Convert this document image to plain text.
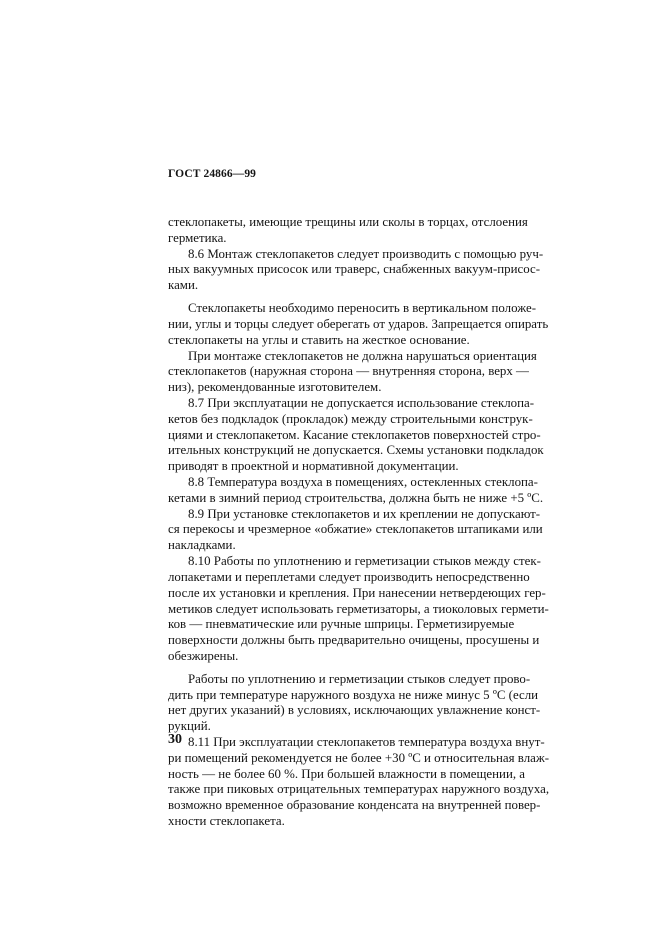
ГОСТ 24866—99
стеклопакеты, имеющие трещины или сколы в торцах, отслоения
герметика.
8.6 Монтаж стеклопакетов следует производить с помощью руч-
ных вакуумных присосок или траверс, снабженных вакуум-присос-
ками.
Стеклопакеты необходимо переносить в вертикальном положе-
нии, углы и торцы следует оберегать от ударов. Запрещается опирать
стеклопакеты на углы и ставить на жесткое основание.
При монтаже стеклопакетов не должна нарушаться ориентация
стеклопакетов (наружная сторона — внутренняя сторона, верх —
низ), рекомендованные изготовителем.
8.7 При эксплуатации не допускается использование стеклопа-
кетов без подкладок (прокладок) между строительными конструк-
циями и стеклопакетом. Касание стеклопакетов поверхностей стро-
ительных конструкций не допускается. Схемы установки подкладок
приводят в проектной и нормативной документации.
8.8 Температура воздуха в помещениях, остекленных стеклопа-
кетами в зимний период строительства, должна быть не ниже +5 ºС.
8.9 При установке стеклопакетов и их креплении не допускают-
ся перекосы и чрезмерное «обжатие» стеклопакетов штапиками или
накладками.
8.10 Работы по уплотнению и герметизации стыков между стек-
лопакетами и переплетами следует производить непосредственно
после их установки и крепления. При нанесении нетвердеющих гер-
метиков следует использовать герметизаторы, а тиоколовых гермети-
ков — пневматические или ручные шприцы. Герметизируемые
поверхности должны быть предварительно очищены, просушены и
обезжирены.
Работы по уплотнению и герметизации стыков следует прово-
дить при температуре наружного воздуха не ниже минус 5 ºС (если
нет других указаний) в условиях, исключающих увлажнение конст-
рукций.
8.11 При эксплуатации стеклопакетов температура воздуха внут-
ри помещений рекомендуется не более +30 ºС и относительная влаж-
ность — не более 60 %. При большей влажности в помещении, а
также при пиковых отрицательных температурах наружного воздуха,
возможно временное образование конденсата на внутренней повер-
хности стеклопакета.
30
